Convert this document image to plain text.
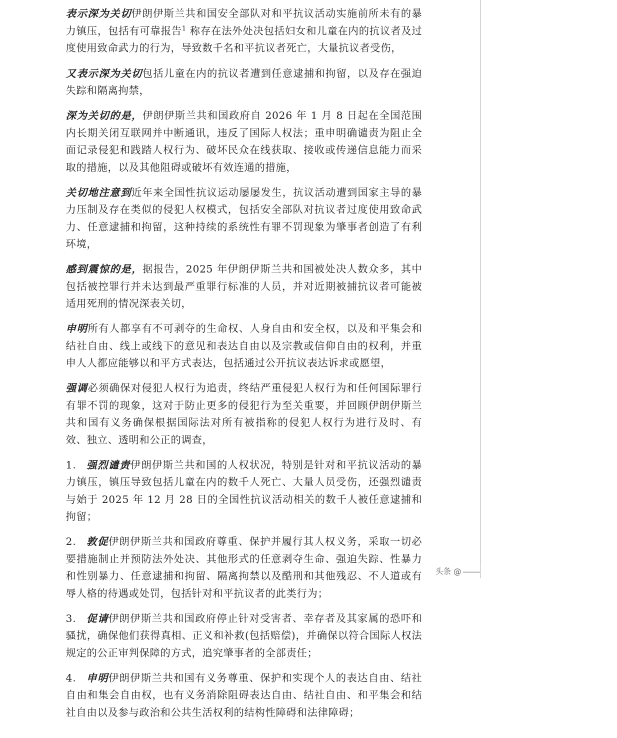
表示深为关切伊朗伊斯兰共和国安全部队对和平抗议活动实施前所未有的暴力镇压，包括有可靠报告$^1$ 称存在法外处决包括妇女和儿童在内的抗议者及过度使用致命武力的行为，导致数千名和平抗议者死亡，大量抗议者受伤，

又表示深为关切包括儿童在内的抗议者遭到任意逮捕和拘留，以及存在强迫失踪和隔离拘禁，

深为关切的是，伊朗伊斯兰共和国政府自 2026 年 1 月 8 日起在全国范围内长期关闭互联网并中断通讯，违反了国际人权法；重申明确谴责为阻止全面记录侵犯和践踏人权行为、破坏民众在线获取、接收或传递信息能力而采取的措施，以及其他阻碍或破坏有效连通的措施，

关切地注意到近年来全国性抗议运动屡屡发生，抗议活动遭到国家主导的暴力压制及存在类似的侵犯人权模式，包括安全部队对抗议者过度使用致命武力、任意逮捕和拘留，这种持续的系统性有罪不罚现象为肇事者创造了有利环境，

感到震惊的是，据报告，2025 年伊朗伊斯兰共和国被处决人数众多，其中包括被控罪行并未达到最严重罪行标准的人员，并对近期被捕抗议者可能被适用死刑的情况深表关切，

申明所有人都享有不可剥夺的生命权、人身自由和安全权，以及和平集会和结社自由、线上或线下的意见和表达自由以及宗教或信仰自由的权利，并重申人人都应能够以和平方式表达，包括通过公开抗议表达诉求或愿望，

强调必须确保对侵犯人权行为追责，终结严重侵犯人权行为和任何国际罪行有罪不罚的现象，这对于防止更多的侵犯行为至关重要，并回顾伊朗伊斯兰共和国有义务确保根据国际法对所有被指称的侵犯人权行为进行及时、有效、独立、透明和公正的调查，

1. 强烈谴责伊朗伊斯兰共和国的人权状况，特别是针对和平抗议活动的暴力镇压，镇压导致包括儿童在内的数千人死亡、大量人员受伤，还强烈谴责与始于 2025 年 12 月 28 日的全国性抗议活动相关的数千人被任意逮捕和拘留；

2. 敦促伊朗伊斯兰共和国政府尊重、保护并履行其人权义务，采取一切必要措施制止并预防法外处决、其他形式的任意剥夺生命、强迫失踪、性暴力和性别暴力、任意逮捕和拘留、隔离拘禁以及酷刑和其他残忍、不人道或有辱人格的待遇或处罚，包括针对和平抗议者的此类行为；

3. 促请伊朗伊斯兰共和国政府停止针对受害者、幸存者及其家属的恐吓和骚扰，确保他们获得真相、正义和补救(包括赔偿)，并确保以符合国际人权法规定的公正审判保障的方式，追究肇事者的全部责任；

4. 申明伊朗伊斯兰共和国有义务尊重、保护和实现个人的表达自由、结社自由和集会自由权，也有义务消除阻碍表达自由、结社自由、和平集会和结社自由以及参与政治和公共生活权利的结构性障碍和法律障碍；

头条 @
